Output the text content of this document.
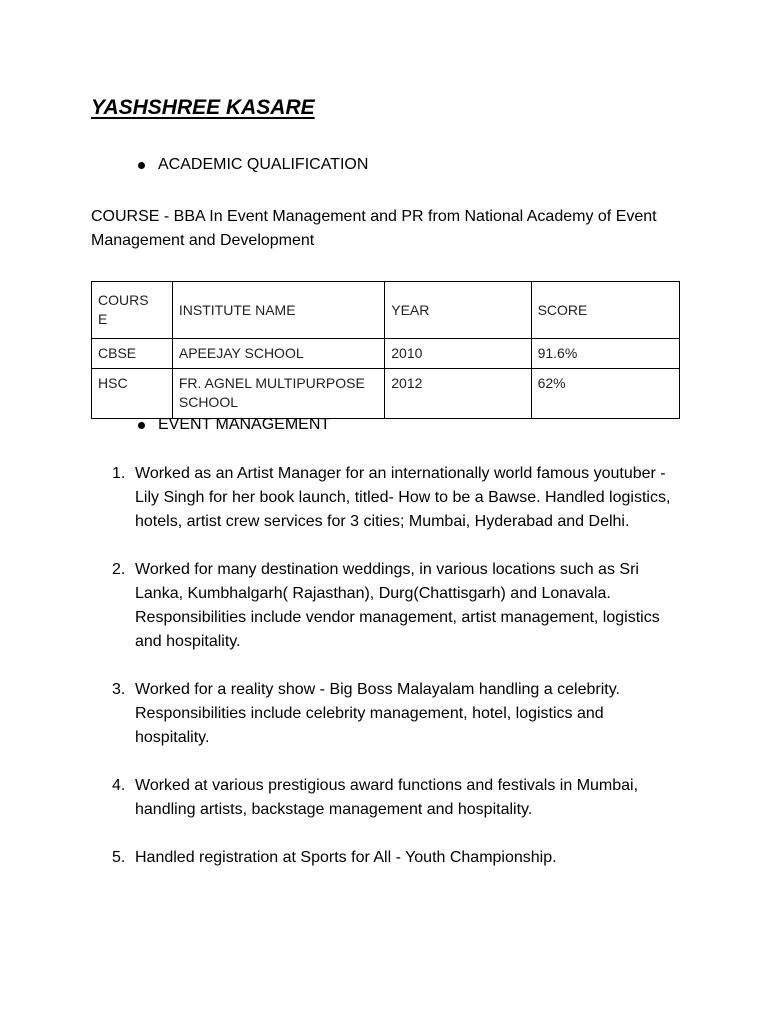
YASHSHREE KASARE
ACADEMIC QUALIFICATION

COURSE - BBA In Event Management and PR from National Academy of Event Management and Development

COURS
E	INSTITUTE NAME	YEAR	SCORE
CBSE	APEEJAY SCHOOL	2010	91.6%
HSC	FR. AGNEL MULTIPURPOSE SCHOOL	2012	62%
EVENT MANAGEMENT
1. Worked as an Artist Manager for an internationally world famous youtuber - Lily Singh for her book launch, titled- How to be a Bawse. Handled logistics, hotels, artist crew services for 3 cities; Mumbai, Hyderabad and Delhi.
2. Worked for many destination weddings, in various locations such as Sri Lanka, Kumbhalgarh( Rajasthan), Durg(Chattisgarh) and Lonavala. Responsibilities include vendor management, artist management, logistics and hospitality.
3. Worked for a reality show - Big Boss Malayalam handling a celebrity. Responsibilities include celebrity management, hotel, logistics and hospitality.
4. Worked at various prestigious award functions and festivals in Mumbai, handling artists, backstage management and hospitality.
5. Handled registration at Sports for All - Youth Championship.
